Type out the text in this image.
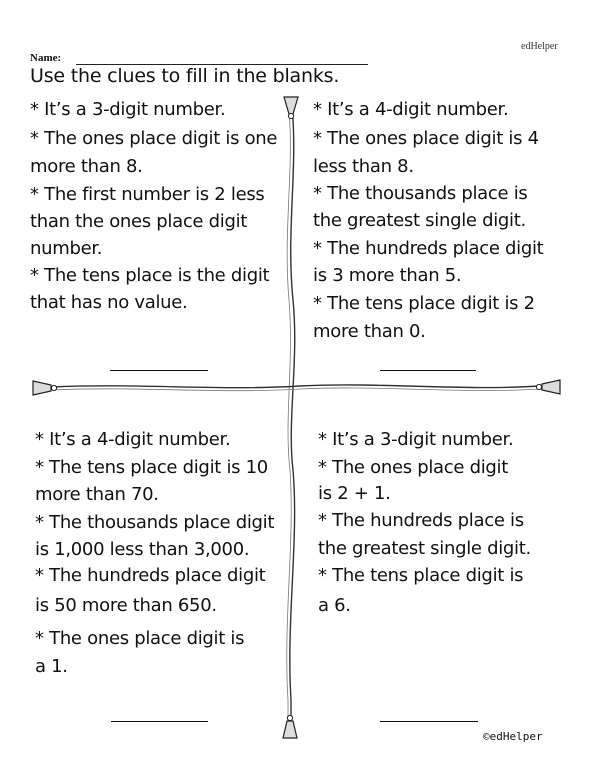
edHelper
Name:
Use the clues to fill in the blanks.

* It’s a 3-digit number.

* The ones place digit is one

more than 8.

* The first number is 2 less

than the ones place digit

number.

* The tens place is the digit

that has no value.

* It’s a 4-digit number.

* The ones place digit is 4

less than 8.

* The thousands place is

the greatest single digit.

* The hundreds place digit

is 3 more than 5.

* The tens place digit is 2

more than 0.

* It’s a 4-digit number.

* The tens place digit is 10

more than 70.

* The thousands place digit

is 1,000 less than 3,000.

* The hundreds place digit

is 50 more than 650.

* The ones place digit is

a 1.

* It’s a 3-digit number.

* The ones place digit

is 2 + 1.

* The hundreds place is

the greatest single digit.

* The tens place digit is

a 6.

©edHelper
